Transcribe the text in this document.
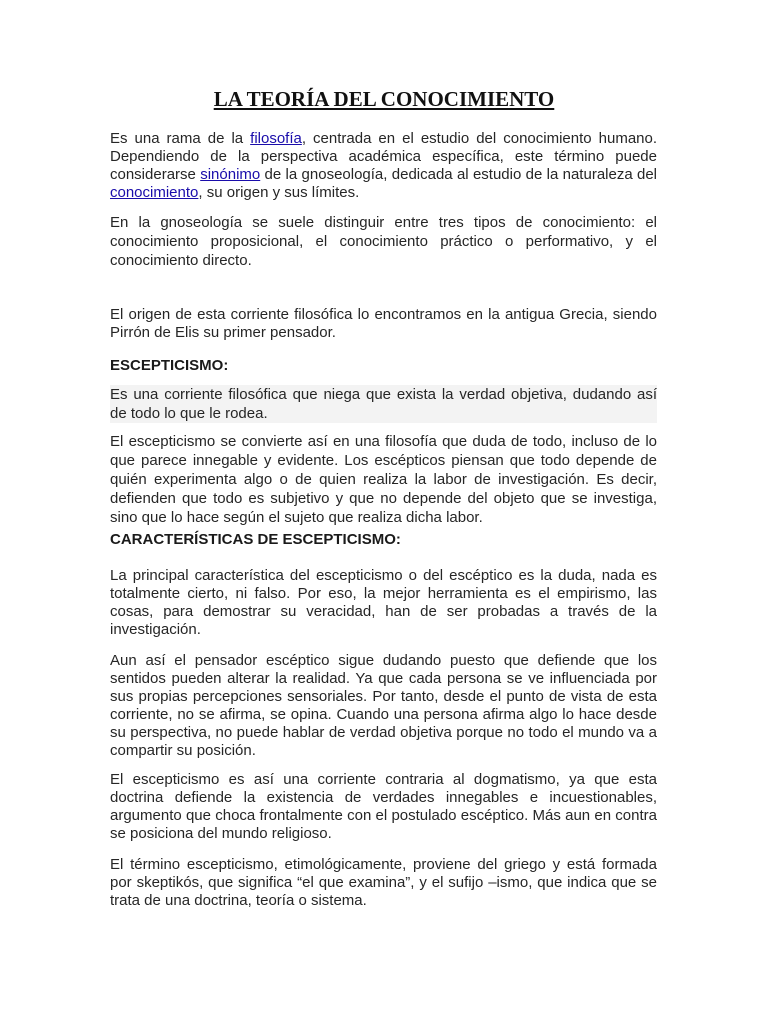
LA TEORÍA DEL CONOCIMIENTO

Es una rama de la filosofía, centrada en el estudio del conocimiento humano. Dependiendo de la perspectiva académica específica, este término puede considerarse sinónimo de la gnoseología, dedicada al estudio de la naturaleza del conocimiento, su origen y sus límites.

En la gnoseología se suele distinguir entre tres tipos de conocimiento: el conocimiento proposicional, el conocimiento práctico o performativo, y el conocimiento directo.

El origen de esta corriente filosófica lo encontramos en la antigua Grecia, siendo Pirrón de Elis su primer pensador.

ESCEPTICISMO:

Es una corriente filosófica que niega que exista la verdad objetiva, dudando así de todo lo que le rodea.

El escepticismo se convierte así en una filosofía que duda de todo, incluso de lo que parece innegable y evidente. Los escépticos piensan que todo depende de quién experimenta algo o de quien realiza la labor de investigación. Es decir, defienden que todo es subjetivo y que no depende del objeto que se investiga, sino que lo hace según el sujeto que realiza dicha labor.

CARACTERÍSTICAS DE ESCEPTICISMO:

La principal característica del escepticismo o del escéptico es la duda, nada es totalmente cierto, ni falso. Por eso, la mejor herramienta es el empirismo, las cosas, para demostrar su veracidad, han de ser probadas a través de la investigación.

Aun así el pensador escéptico sigue dudando puesto que defiende que los sentidos pueden alterar la realidad. Ya que cada persona se ve influenciada por sus propias percepciones sensoriales. Por tanto, desde el punto de vista de esta corriente, no se afirma, se opina. Cuando una persona afirma algo lo hace desde su perspectiva, no puede hablar de verdad objetiva porque no todo el mundo va a compartir su posición.

El escepticismo es así una corriente contraria al dogmatismo, ya que esta doctrina defiende la existencia de verdades innegables e incuestionables, argumento que choca frontalmente con el postulado escéptico. Más aun en contra se posiciona del mundo religioso.

El término escepticismo, etimológicamente, proviene del griego y está formada por skeptikós, que significa “el que examina”, y el sufijo –ismo, que indica que se trata de una doctrina, teoría o sistema.
